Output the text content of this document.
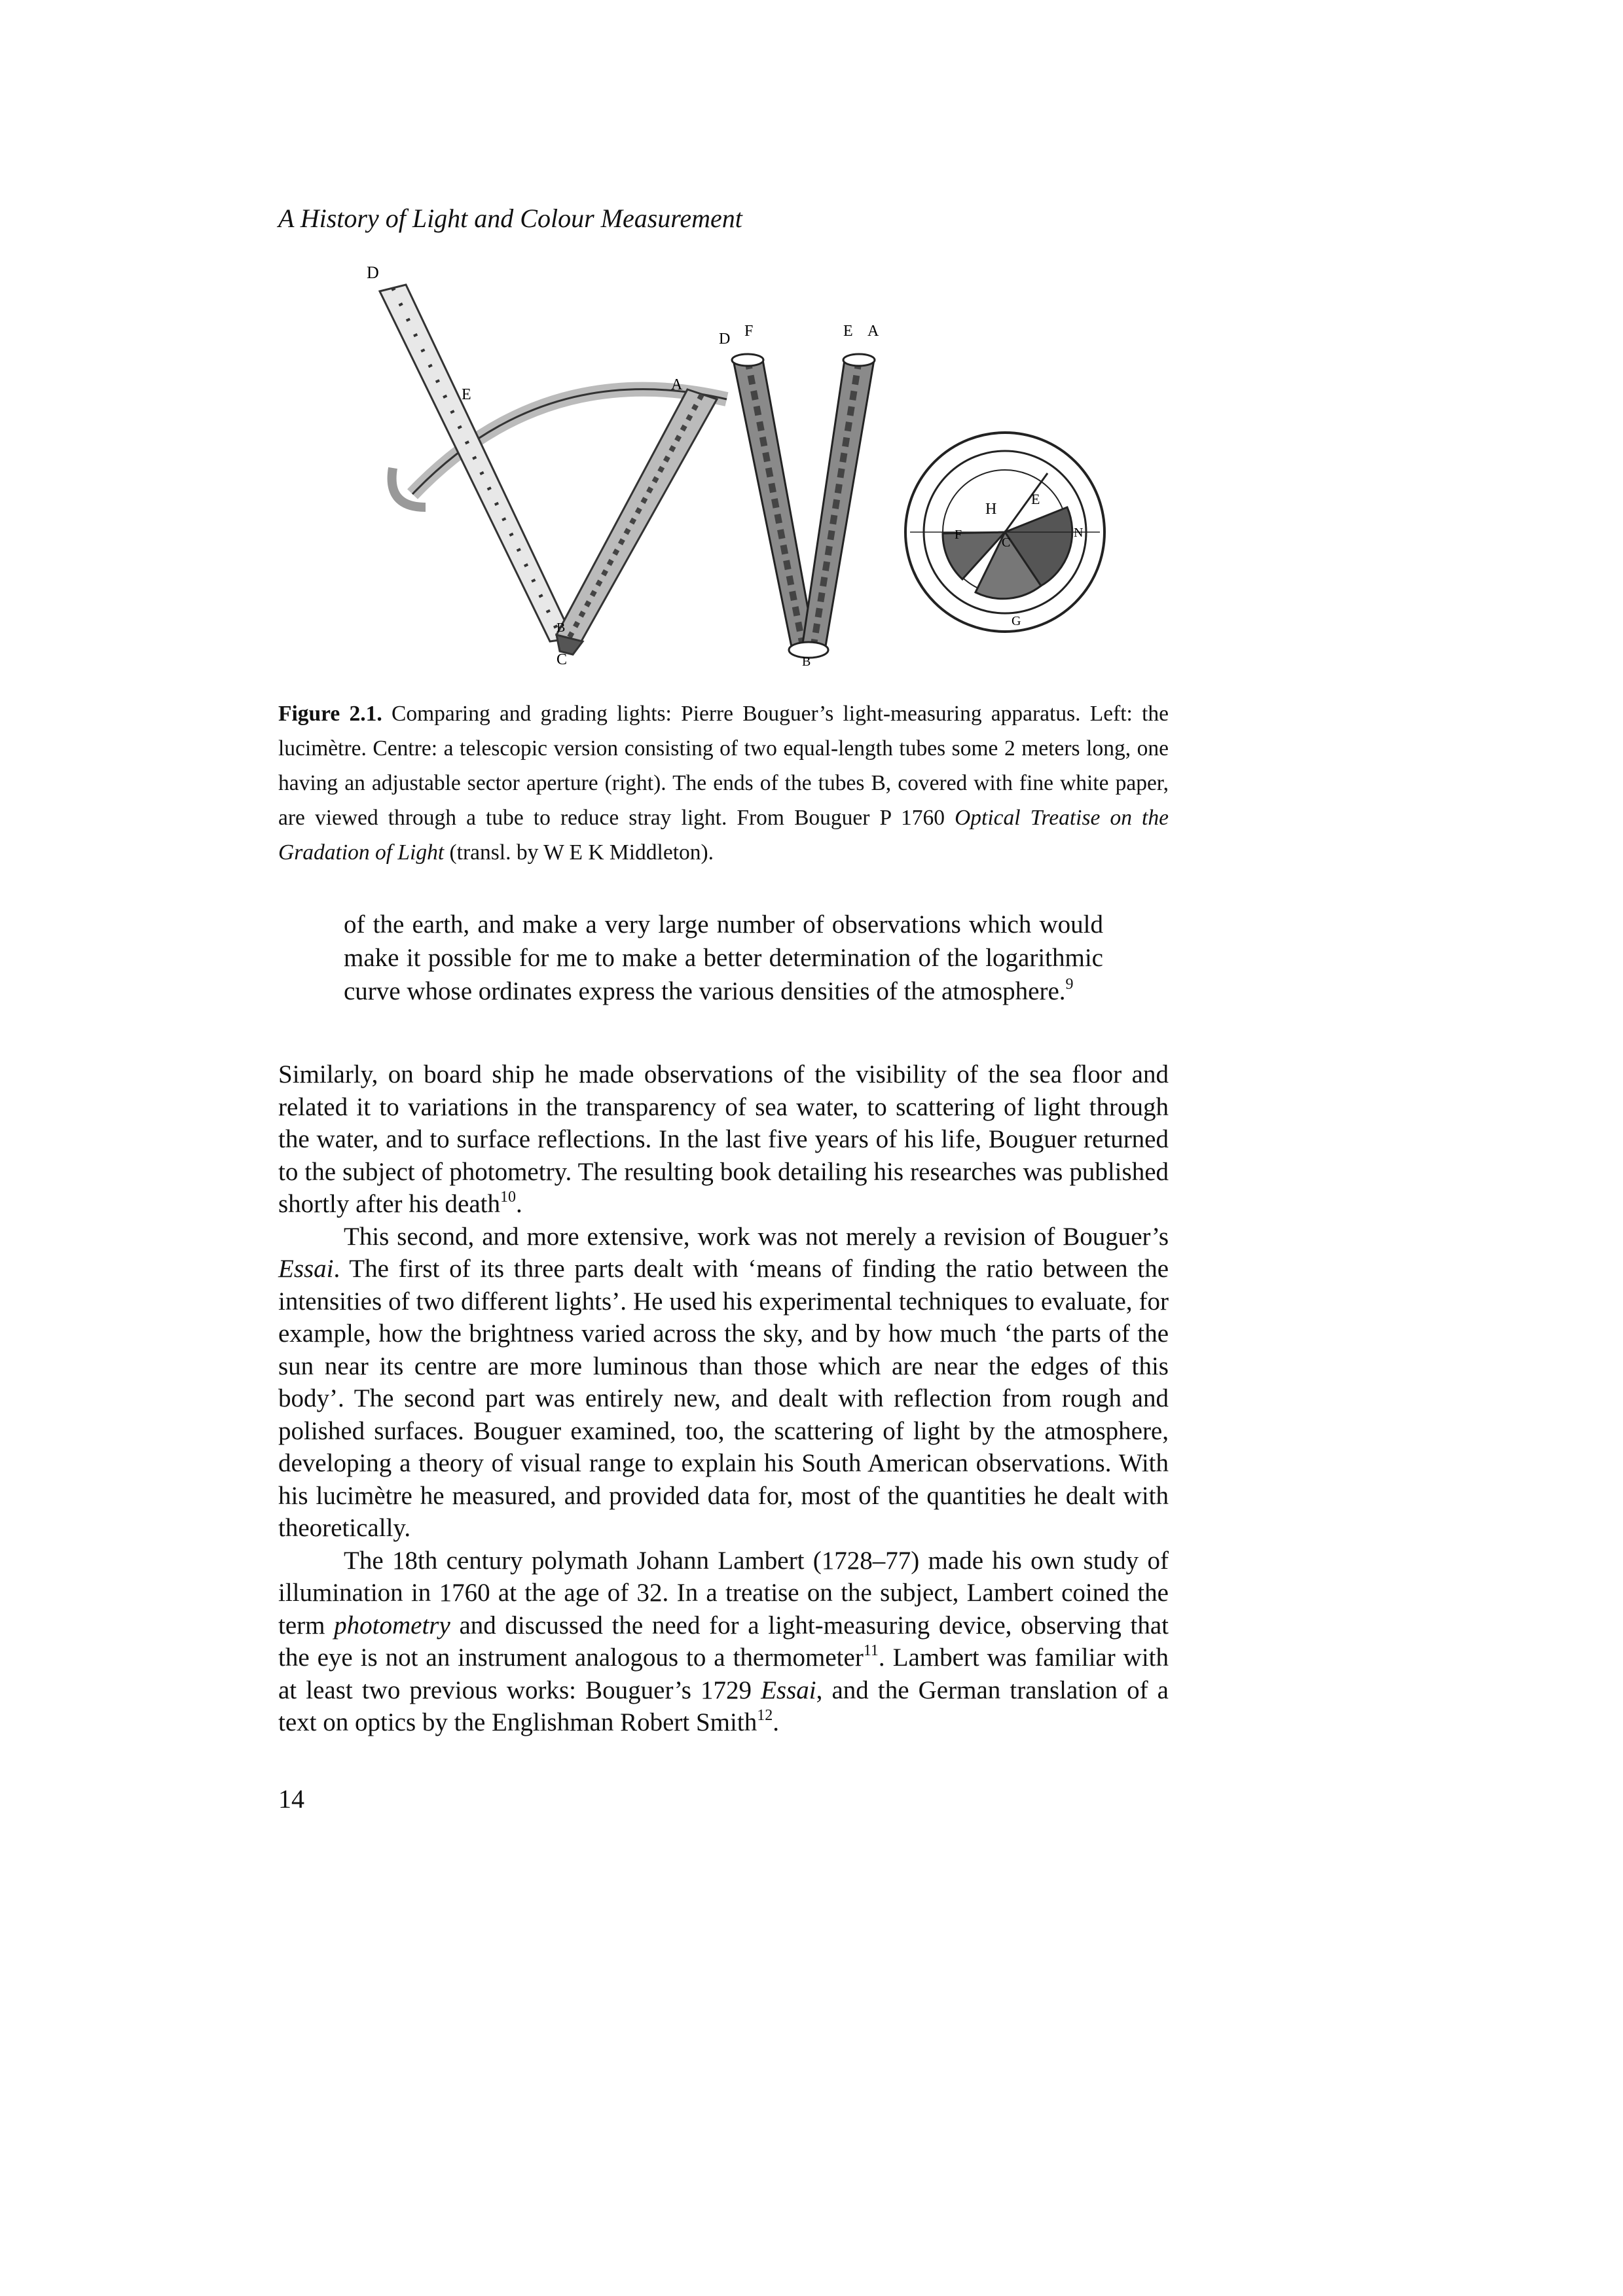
A History of Light and Colour Measurement
D
E
A
B
C
D F	E A
B
H
E
C
F	N
G
Figure 2.1. Comparing and grading lights: Pierre Bouguer’s light-measuring apparatus. Left: the lucimètre. Centre: a telescopic version consisting of two equal-length tubes some 2 meters long, one having an adjustable sector aperture (right). The ends of the tubes B, covered with fine white paper, are viewed through a tube to reduce stray light. From Bouguer P 1760 Optical Treatise on the Gradation of Light (transl. by W E K Middleton).
of the earth, and make a very large number of observations which would make it possible for me to make a better determination of the logarithmic curve whose ordinates express the various densities of the atmosphere.$^9$

Similarly, on board ship he made observations of the visibility of the sea floor and related it to variations in the transparency of sea water, to scattering of light through the water, and to surface reflections. In the last five years of his life, Bouguer returned to the subject of photometry. The resulting book detailing his researches was published shortly after his death$^{10}$.

This second, and more extensive, work was not merely a revision of Bouguer’s Essai. The first of its three parts dealt with ‘means of finding the ratio between the intensities of two different lights’. He used his experimental techniques to evaluate, for example, how the brightness varied across the sky, and by how much ‘the parts of the sun near its centre are more luminous than those which are near the edges of this body’. The second part was entirely new, and dealt with reflection from rough and polished surfaces. Bouguer examined, too, the scattering of light by the atmosphere, developing a theory of visual range to explain his South American observations. With his lucimètre he measured, and provided data for, most of the quantities he dealt with theoretically.

The 18th century polymath Johann Lambert (1728–77) made his own study of illumination in 1760 at the age of 32. In a treatise on the subject, Lambert coined the term photometry and discussed the need for a light-measuring device, observing that the eye is not an instrument analogous to a thermometer$^{11}$. Lambert was familiar with at least two previous works: Bouguer’s 1729 Essai, and the German translation of a text on optics by the Englishman Robert Smith$^{12}$.

14
